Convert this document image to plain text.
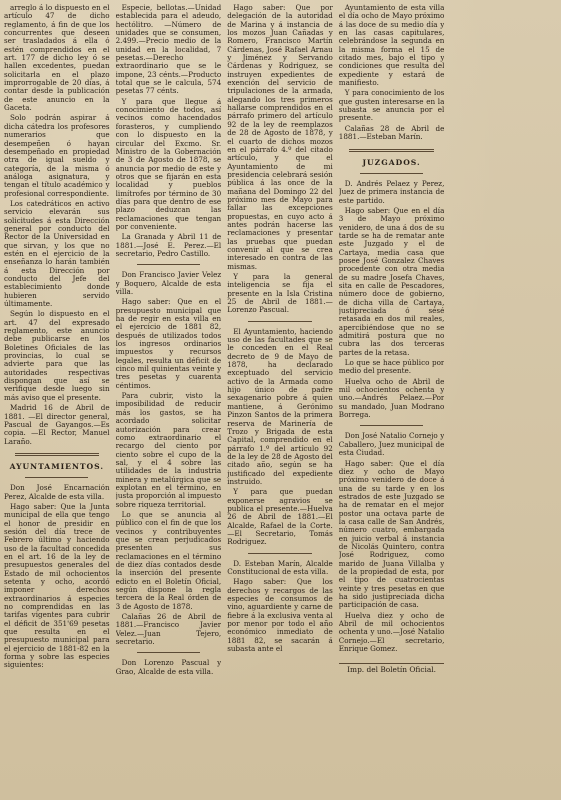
arreglo á lo dispuesto en el artículo 47 de dicho reglamento, á fin de que los concurrentes que deseen ser trasladados á ella ó estén comprendidos en el art. 177 de dicho ley ó se hallen excedentes, puedan solicitarla en el plazo improrrogable de 20 días, á contar desde la publicación de este anuncio en la Gaceta.

Solo podrán aspirar á dicha cátedra los profesores numerarios que desempeñen ó hayan desempeñado en propiedad otra de igual sueldo y categoría, de la misma ó análoga asignatura, y tengan el título académico y profesional correspondiente.

Los catedráticos en activo servicio elevarán sus solicitudes á esta Dirección general por conducto del Rector de la Universidad en que sirvan, y los que no estén en el ejercicio de la enseñanza lo harán también á esta Dirección por conducto del Jefe del establecimiento donde hubieren servido últimamente.

Según lo dispuesto en el art. 47 del expresado reglamento, este anuncio debe publicarse en los Boletines Oficiales de las provincias, lo cual se advierte para que las autoridades respectivas dispongan que así se verifique desde luego sin más aviso que el presente.

Madrid 16 de Abril de 1881. —El director general, Pascual de Gayangos.—Es copia. —El Rector, Manuel Laraño.

AYUNTAMIENTOS.

Don José Encarnación Perez, Alcalde de esta villa.

Hago saber: Que la Junta municipal de ella que tengo el honor de presidir en sesión del día trece de Febrero último y haciendo uso de la facultad concedida en el art. 16 de la ley de presupuestos generales del Estado de mil ochocientos setenta y ocho, acordó imponer derechos extraordinarios á especies no comprendidas en las tarifas vigentes para cubrir el déficit de 351'69 pesetas que resulta en el presupuesto municipal para el ejercicio de 1881-82 en la forma y sobre las especies siguientes:

Especie, bellotas.—Unidad establecida para el adeudo, hectólitro. —Número de unidades que se consumen, 2.499.—Precio medio de la unidad en la localidad, 7 pesetas.—Derecho extraordinario que se le impone, 23 cénts.—Producto total que se le calcula, 574 pesetas 77 cénts.

Y para que llegue á conocimiento de todos, así vecinos como hacendados forasteros, y cumpliendo con lo dispuesto en la circular del Excmo. Sr. Ministro de la Gobernación de 3 de Agosto de 1878, se anuncia por medio de este y otros que se fijarán en esta localidad y pueblos limítrofes por término de 30 días para que dentro de ese plazo deduzcan las reclamaciones que tengan por conveniente.

La Granada y Abril 11 de 1881.—José E. Perez.—El secretario, Pedro Castillo.

Don Francisco Javier Velez y Boquero, Alcalde de esta villa.

Hago saber: Que en el presupuesto municipal que ha de regir en esta villa en el ejercicio de 1881 82, después de utilizados todos los ingresos ordinarios impuestos y recursos legales, resulta un déficit de cinco mil quinientas veinte y tres pesetas y cuarenta céntimos.

Para cubrir, visto la imposibilidad de reducir más los gastos, se ha acordado solicitar autorización para crear como extraordinario el recargo del ciento por ciento sobre el cupo de la sal, y el 4 sobre las utilidades de la industria minera y metalúrgica que se explotan en el término, en justa proporción al impuesto sobre riqueza territorial.

Lo que se anuncia al público con el fin de que los vecinos y contribuyentes que se crean perjudicados presenten sus reclamaciones en el término de diez días contados desde la inserción del presente edicto en el Boletín Oficial, según dispone la regla tercera de la Real órden de 3 de Agosto de 1878.

Calañas 26 de Abril de 1881.—Francisco Javier Velez.—Juan Tejero, secretario.

Don Lorenzo Pascual y Grao, Alcalde de esta villa.

Hago saber: Que por delegación de la autoridad de Marina y á instancia de los mozos Juan Cañadas y Romero, Francisco Martín Cárdenas, José Rafael Arnau y Jiménez y Servando Cárdenas y Rodriguez, se instruyen expedientes de exención del servicio de tripulaciones de la armada, alegando los tres primeros hallarse comprendidos en el párrafo primero del artículo 92 de la ley de reemplazos de 28 de Agosto de 1878, y el cuarto de dichos mozos en el párrafo 4.º del citado artículo, y que el Ayuntamiento de mi presidencia celebrará sesión pública á las once de la mañana del Domingo 22 del próximo mes de Mayo para fallar las excepciones propuestas, en cuyo acto á antes podrán hacerse las reclamaciones y presentar las pruebas que puedan convenir al que se crea interesado en contra de las mismas.

Y para la general inteligencia se fija el presente en la Isla Cristina 25 de Abril de 1881.—Lorenzo Pascual.

El Ayuntamiento, haciendo uso de las facultades que se le conceden en el Real decreto de 9 de Mayo de 1878, ha declarado exceptuado del servicio activo de la Armada como hijo único de padre sexagenario pobre á quien mantiene, á Gerónimo Pinzon Santos de la primera reserva de Marinería de Trozo y Brigada de esta Capital, comprendido en el párrafo 1.º del artículo 92 de la ley de 28 de Agosto del citado año, según se ha justificado del expediente instruido.

Y para que puedan exponerse agravios se publica el presente.—Huelva 26 de Abril de 1881.—El Alcalde, Rafael de la Corte.—El Secretario, Tomás Rodriguez.

D. Esteban Marín, Alcalde Constitucional de esta villa.

Hago saber: Que los derechos y recargos de las especies de consumos de vino, aguardiente y carne de fiebre á la exclusiva venta al por menor por todo el año económico inmediato de 1881 82, se sacarán á subasta ante el

Ayuntamiento de esta villa el día ocho de Mayo próximo á las doce de su medio día y en las casas capitulares, celebrándose la segunda en la misma forma el 15 de citado mes, bajo el tipo y condiciones que resulta del expediente y estará de manifiesto.

Y para conocimiento de los que gusten interesarse en la subasta se anuncia por el presente.

Calañas 28 de Abril de 1881.—Esteban Marín.

JUZGADOS.

D. Andrés Pelaez y Perez, Juez de primera instancia de este partido.

Hago saber: Que en el día 3 de Mayo próximo venidero, de una á dos de su tarde se ha de rematar ante este Juzgado y el de Cartaya, media casa que posee José Gonzalez Chaves procedente con otra media de su madre Josefa Chaves, sita en calle de Pescadores, número doce de gobierno, de dicha villa de Cartaya, justipreciada ó sésé retasada en dos mil reales, apercibiéndose que no se admitirá postura que no cubra las dos terceras partes de la retasa.

Lo que se hace público por medio del presente.

Huelva ocho de Abril de mil ochocientos ochenta y uno.—Andrés Pelaez.—Por su mandado, Juan Modrano Borrega.

Don José Natalio Cornejo y Caballero, Juez municipal de esta Ciudad.

Hago saber: Que el día diez y ocho de Mayo próximo venidero de doce á una de su tarde y en los estrados de este Juzgado se ha de rematar en el mejor postor una octava parte de la casa calle de San Andrés, número cuatro, embargada en juicio verbal á instancia de Nicolás Quintero, contra José Rodriguez, como marido de Juana Villalba y de la propiedad de esta, por el tipo de cuatrocientas veinte y tres pesetas en que ha sido justipreciada dicha participación de casa.

Huelva diez y ocho de Abril de mil ochocientos ochenta y uno.—José Natalio Cornejo.—El secretario, Enrique Gomez.

Imp. del Boletín Oficial.
